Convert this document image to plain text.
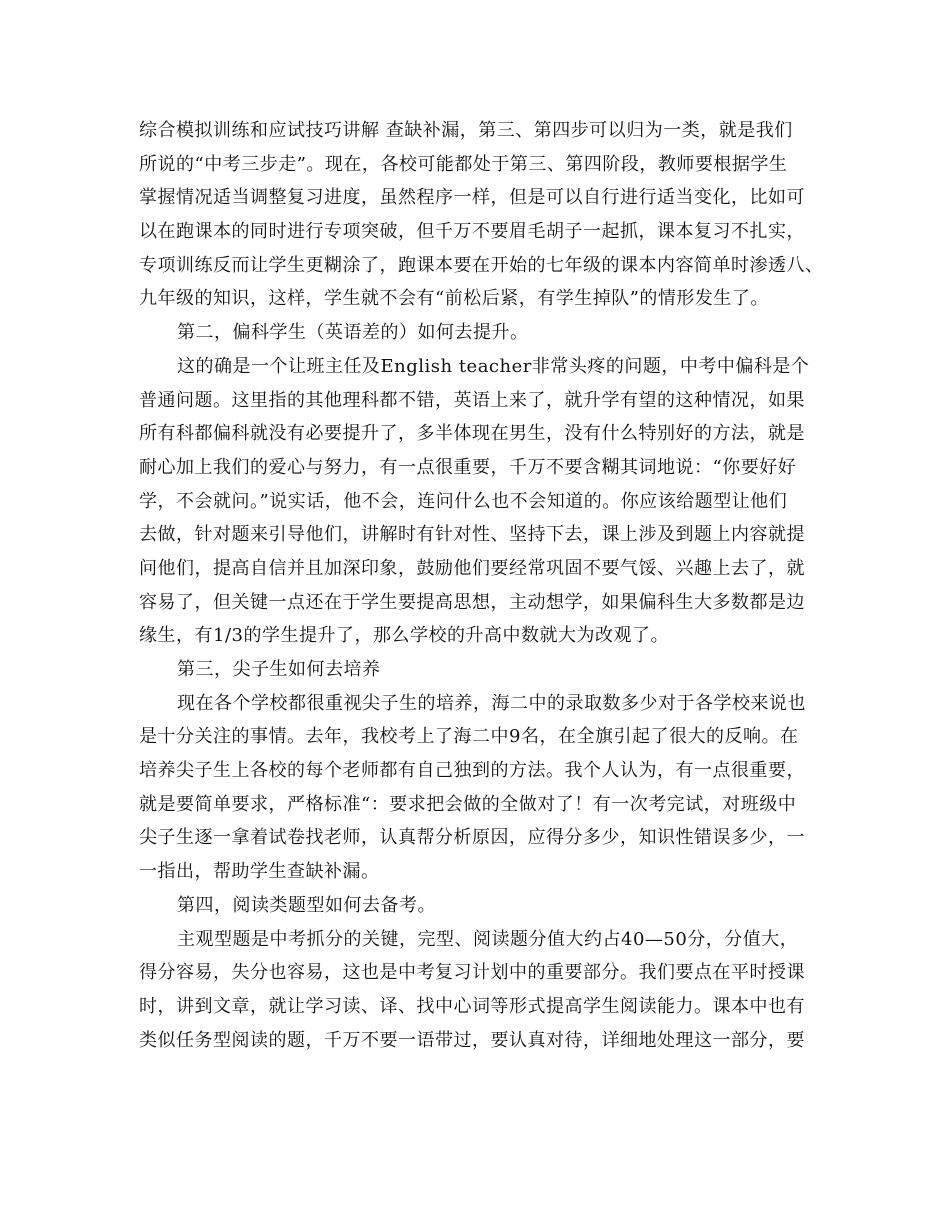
综合模拟训练和应试技巧讲解 查缺补漏，第三、第四步可以归为一类，就是我们
所说的“中考三步走”。现在，各校可能都处于第三、第四阶段，教师要根据学生
掌握情况适当调整复习进度，虽然程序一样，但是可以自行进行适当变化，比如可
以在跑课本的同时进行专项突破，但千万不要眉毛胡子一起抓，课本复习不扎实，
专项训练反而让学生更糊涂了，跑课本要在开始的七年级的课本内容简单时渗透八、
九年级的知识，这样，学生就不会有“前松后紧，有学生掉队”的情形发生了。
第二，偏科学生（英语差的）如何去提升。
这的确是一个让班主任及English teacher非常头疼的问题，中考中偏科是个
普通问题。这里指的其他理科都不错，英语上来了，就升学有望的这种情况，如果
所有科都偏科就没有必要提升了，多半体现在男生，没有什么特别好的方法，就是
耐心加上我们的爱心与努力，有一点很重要，千万不要含糊其词地说：“你要好好
学，不会就问。”说实话，他不会，连问什么也不会知道的。你应该给题型让他们
去做，针对题来引导他们，讲解时有针对性、坚持下去，课上涉及到题上内容就提
问他们，提高自信并且加深印象，鼓励他们要经常巩固不要气馁、兴趣上去了，就
容易了，但关键一点还在于学生要提高思想，主动想学，如果偏科生大多数都是边
缘生，有1/3的学生提升了，那么学校的升高中数就大为改观了。
第三，尖子生如何去培养
现在各个学校都很重视尖子生的培养，海二中的录取数多少对于各学校来说也
是十分关注的事情。去年，我校考上了海二中9名，在全旗引起了很大的反响。在
培养尖子生上各校的每个老师都有自己独到的方法。我个人认为，有一点很重要，
就是要简单要求，严格标准“：要求把会做的全做对了！有一次考完试，对班级中
尖子生逐一拿着试卷找老师，认真帮分析原因，应得分多少，知识性错误多少，一
一指出，帮助学生查缺补漏。
第四，阅读类题型如何去备考。
主观型题是中考抓分的关键，完型、阅读题分值大约占40—50分，分值大，
得分容易，失分也容易，这也是中考复习计划中的重要部分。我们要点在平时授课
时，讲到文章，就让学习读、译、找中心词等形式提高学生阅读能力。课本中也有
类似任务型阅读的题，千万不要一语带过，要认真对待，详细地处理这一部分，要
